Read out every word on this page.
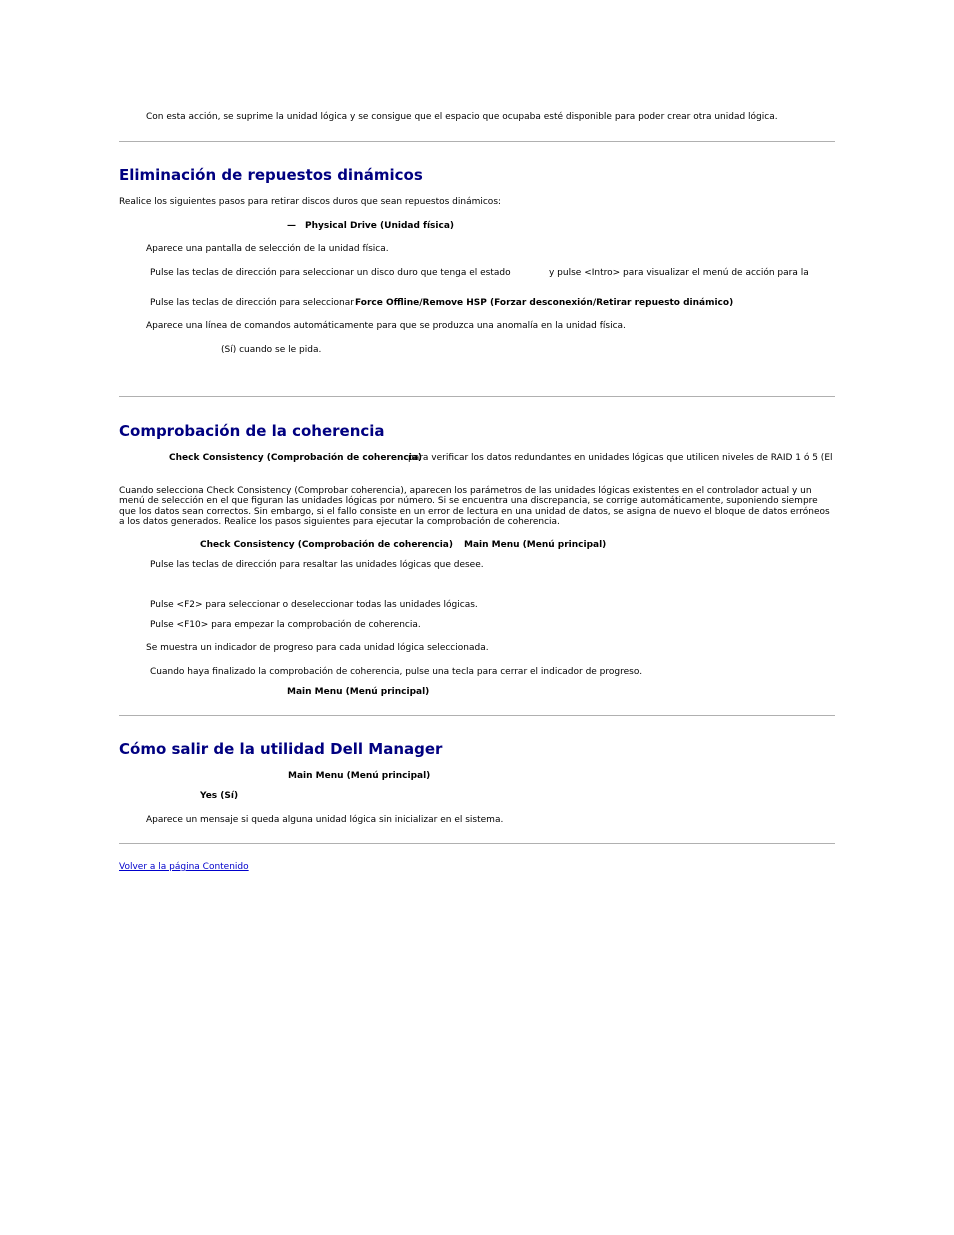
Con esta acción, se suprime la unidad lógica y se consigue que el espacio que ocupaba esté disponible para poder crear otra unidad lógica.
Eliminación de repuestos dinámicos
Realice los siguientes pasos para retirar discos duros que sean repuestos dinámicos:
— Physical Drive (Unidad física)
Aparece una pantalla de selección de la unidad física.
Pulse las teclas de dirección para seleccionar un disco duro que tenga el estado	y pulse <Intro> para visualizar el menú de acción para la
Pulse las teclas de dirección para seleccionar Force Offline/Remove HSP (Forzar desconexión/Retirar repuesto dinámico)
Aparece una línea de comandos automáticamente para que se produzca una anomalía en la unidad física.
(Sí) cuando se le pida.
Comprobación de la coherencia
Check Consistency (Comprobación de coherencia)
para verificar los datos redundantes en unidades lógicas que utilicen niveles de RAID 1 ó 5 (El
Cuando selecciona Check Consistency (Comprobar coherencia), aparecen los parámetros de las unidades lógicas existentes en el controlador actual y un menú de selección en el que figuran las unidades lógicas por número. Si se encuentra una discrepancia, se corrige automáticamente, suponiendo siempre que los datos sean correctos. Sin embargo, si el fallo consiste en un error de lectura en una unidad de datos, se asigna de nuevo el bloque de datos erróneos a los datos generados. Realice los pasos siguientes para ejecutar la comprobación de coherencia.
Check Consistency (Comprobación de coherencia) Main Menu (Menú principal)
Pulse las teclas de dirección para resaltar las unidades lógicas que desee.
Pulse <F2> para seleccionar o deseleccionar todas las unidades lógicas.
Pulse <F10> para empezar la comprobación de coherencia.
Se muestra un indicador de progreso para cada unidad lógica seleccionada.
Cuando haya finalizado la comprobación de coherencia, pulse una tecla para cerrar el indicador de progreso.
Main Menu (Menú principal)
Cómo salir de la utilidad Dell Manager
Main Menu (Menú principal)
Yes (Sí)
Aparece un mensaje si queda alguna unidad lógica sin inicializar en el sistema.
Volver a la página Contenido
